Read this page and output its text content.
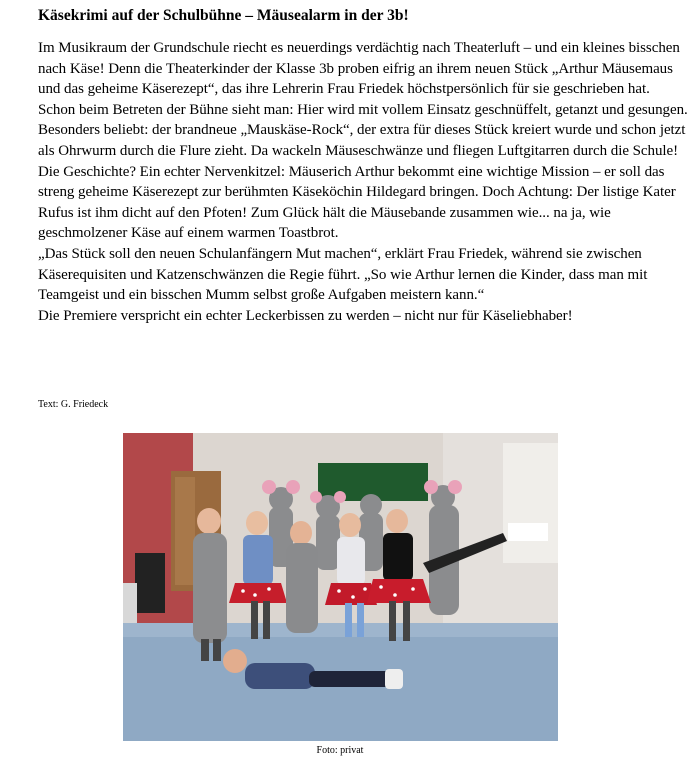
Käsekrimi auf der Schulbühne – Mäusealarm in der 3b!

Im Musikraum der Grundschule riecht es neuerdings verdächtig nach Theaterluft – und ein kleines bisschen nach Käse! Denn die Theaterkinder der Klasse 3b proben eifrig an ihrem neuen Stück „Arthur Mäusemaus und das geheime Käserezept“, das ihre Lehrerin Frau Friedek höchstpersönlich für sie geschrieben hat.

Schon beim Betreten der Bühne sieht man: Hier wird mit vollem Einsatz geschnüffelt, getanzt und gesungen. Besonders beliebt: der brandneue „Mauskäse-Rock“, der extra für dieses Stück kreiert wurde und schon jetzt als Ohrwurm durch die Flure zieht. Da wackeln Mäuseschwänze und fliegen Luftgitarren durch die Schule!

Die Geschichte? Ein echter Nervenkitzel: Mäuserich Arthur bekommt eine wichtige Mission – er soll das streng geheime Käserezept zur berühmten Käseköchin Hildegard bringen. Doch Achtung: Der listige Kater Rufus ist ihm dicht auf den Pfoten! Zum Glück hält die Mäusebande zusammen wie... na ja, wie geschmolzener Käse auf einem warmen Toastbrot.

„Das Stück soll den neuen Schulanfängern Mut machen“, erklärt Frau Friedek, während sie zwischen Käserequisiten und Katzenschwänzen die Regie führt. „So wie Arthur lernen die Kinder, dass man mit Teamgeist und ein bisschen Mumm selbst große Aufgaben meistern kann.“

Die Premiere verspricht ein echter Leckerbissen zu werden – nicht nur für Käseliebhaber!

Text: G. Friedeck
Foto: privat
